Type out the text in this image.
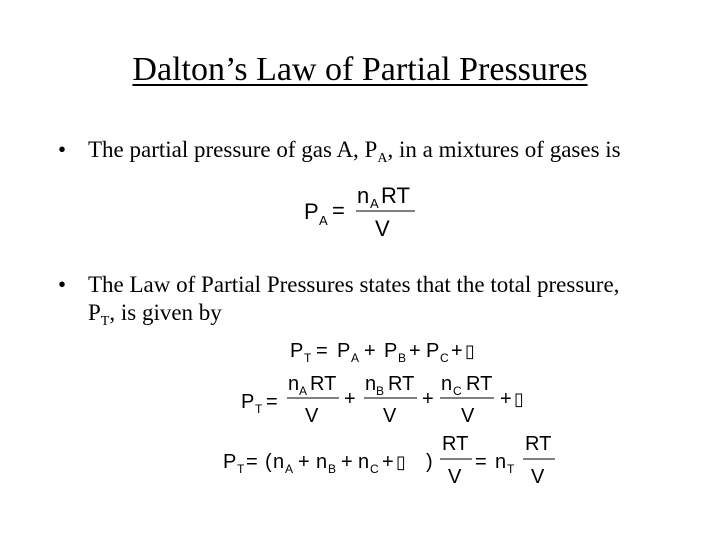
Dalton’s Law of Partial Pressures
• The partial pressure of gas A, $P_A$, in a mixtures of gases is
P A =
n A RT
V
• The Law of Partial Pressures states that the total pressure,
$P_T$, is given by
P T = P A + P B + P C + ▯
P T =
n A RT
V
+
n B RT
V
+
n C RT
V
+ ▯
P T = ( n A + n B + n C + ▯ )
RT
V
= n T
RT
V
